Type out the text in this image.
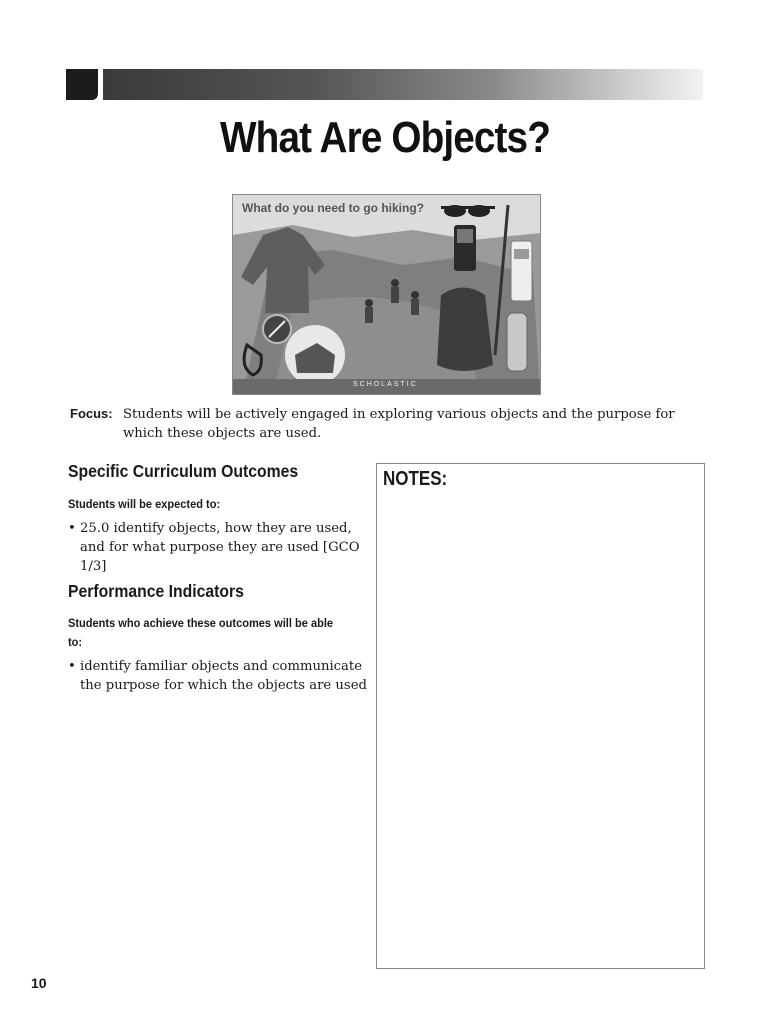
What Are Objects?
What do you need to go hiking?
SCHOLASTIC
Focus: Students will be actively engaged in exploring various objects and the purpose for which these objects are used.
Specific Curriculum Outcomes
Students will be expected to:
• 25.0 identify objects, how they are used, and for what purpose they are used [GCO 1/3]
Performance Indicators
Students who achieve these outcomes will be able to:
• identify familiar objects and communicate the purpose for which the objects are used
NOTES:
10
